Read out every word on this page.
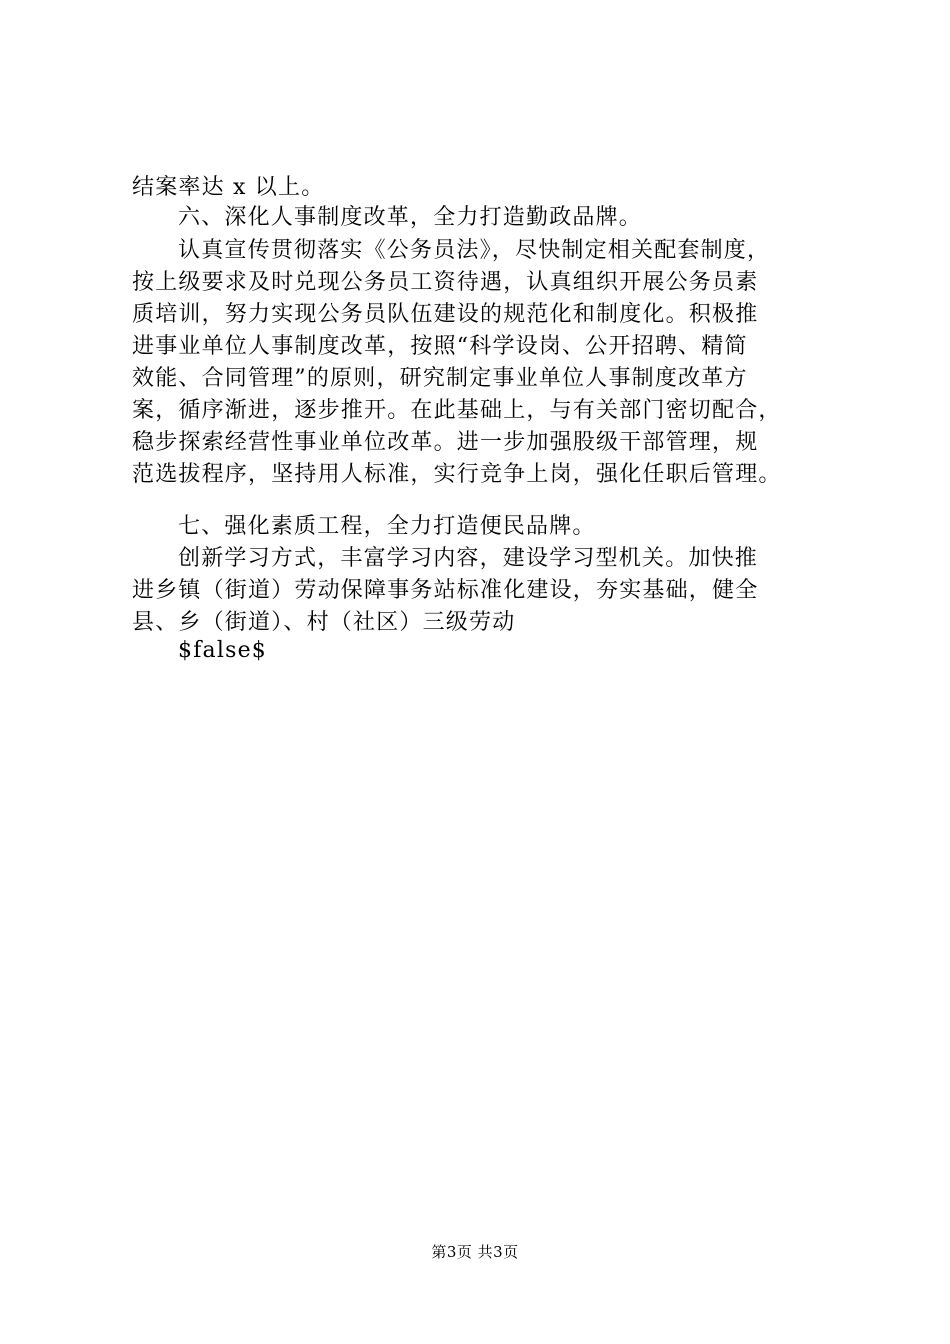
结案率达 x 以上。
六、深化人事制度改革，全力打造勤政品牌。
认真宣传贯彻落实《公务员法》，尽快制定相关配套制度，
按上级要求及时兑现公务员工资待遇，认真组织开展公务员素
质培训，努力实现公务员队伍建设的规范化和制度化。积极推
进事业单位人事制度改革，按照“科学设岗、公开招聘、精简
效能、合同管理”的原则，研究制定事业单位人事制度改革方
案，循序渐进，逐步推开。在此基础上，与有关部门密切配合，
稳步探索经营性事业单位改革。进一步加强股级干部管理，规
范选拔程序，坚持用人标准，实行竞争上岗，强化任职后管理。
七、强化素质工程，全力打造便民品牌。
创新学习方式，丰富学习内容，建设学习型机关。加快推
进乡镇（街道）劳动保障事务站标准化建设，夯实基础，健全
县、乡（街道）、村（社区）三级劳动
$false$
第3页 共3页
